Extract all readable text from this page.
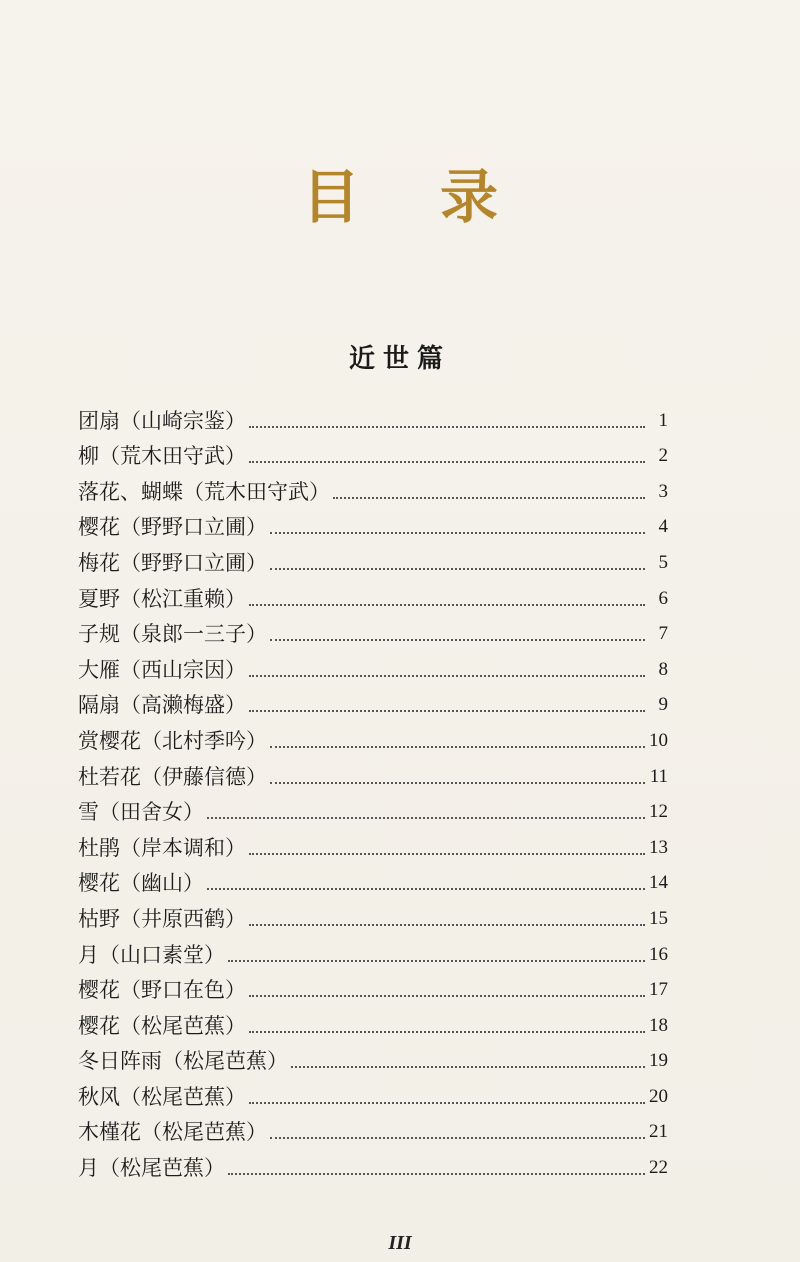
目录
近世篇
团扇（山崎宗鉴）	1
柳（荒木田守武）	2
落花、蝴蝶（荒木田守武）	3
樱花（野野口立圃）	4
梅花（野野口立圃）	5
夏野（松江重赖）	6
子规（泉郎一三子）	7
大雁（西山宗因）	8
隔扇（高濑梅盛）	9
赏樱花（北村季吟）	10
杜若花（伊藤信德）	11
雪（田舍女）	12
杜鹃（岸本调和）	13
樱花（幽山）	14
枯野（井原西鹤）	15
月（山口素堂）	16
樱花（野口在色）	17
樱花（松尾芭蕉）	18
冬日阵雨（松尾芭蕉）	19
秋风（松尾芭蕉）	20
木槿花（松尾芭蕉）	21
月（松尾芭蕉）	22
III
